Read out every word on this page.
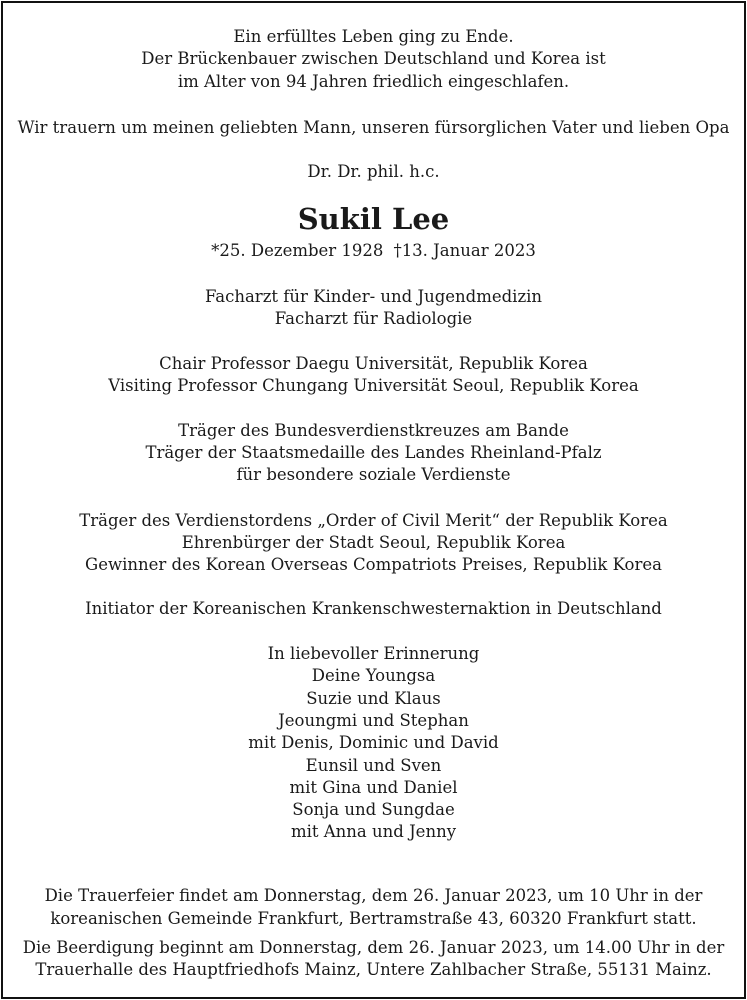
Ein erfülltes Leben ging zu Ende.
Der Brückenbauer zwischen Deutschland und Korea ist
im Alter von 94 Jahren friedlich eingeschlafen.
Wir trauern um meinen geliebten Mann, unseren fürsorglichen Vater und lieben Opa
Dr. Dr. phil. h.c.
Sukil Lee
*25. Dezember 1928 †13. Januar 2023
Facharzt für Kinder- und Jugendmedizin
Facharzt für Radiologie
Chair Professor Daegu Universität, Republik Korea
Visiting Professor Chungang Universität Seoul, Republik Korea
Träger des Bundesverdienstkreuzes am Bande
Träger der Staatsmedaille des Landes Rheinland-Pfalz
für besondere soziale Verdienste
Träger des Verdienstordens „Order of Civil Merit“ der Republik Korea
Ehrenbürger der Stadt Seoul, Republik Korea
Gewinner des Korean Overseas Compatriots Preises, Republik Korea
Initiator der Koreanischen Krankenschwesternaktion in Deutschland
In liebevoller Erinnerung
Deine Youngsa
Suzie und Klaus
Jeoungmi und Stephan
mit Denis, Dominic und David
Eunsil und Sven
mit Gina und Daniel
Sonja und Sungdae
mit Anna und Jenny
Die Trauerfeier findet am Donnerstag, dem 26. Januar 2023, um 10 Uhr in der
koreanischen Gemeinde Frankfurt, Bertramstraße 43, 60320 Frankfurt statt.
Die Beerdigung beginnt am Donnerstag, dem 26. Januar 2023, um 14.00 Uhr in der
Trauerhalle des Hauptfriedhofs Mainz, Untere Zahlbacher Straße, 55131 Mainz.
